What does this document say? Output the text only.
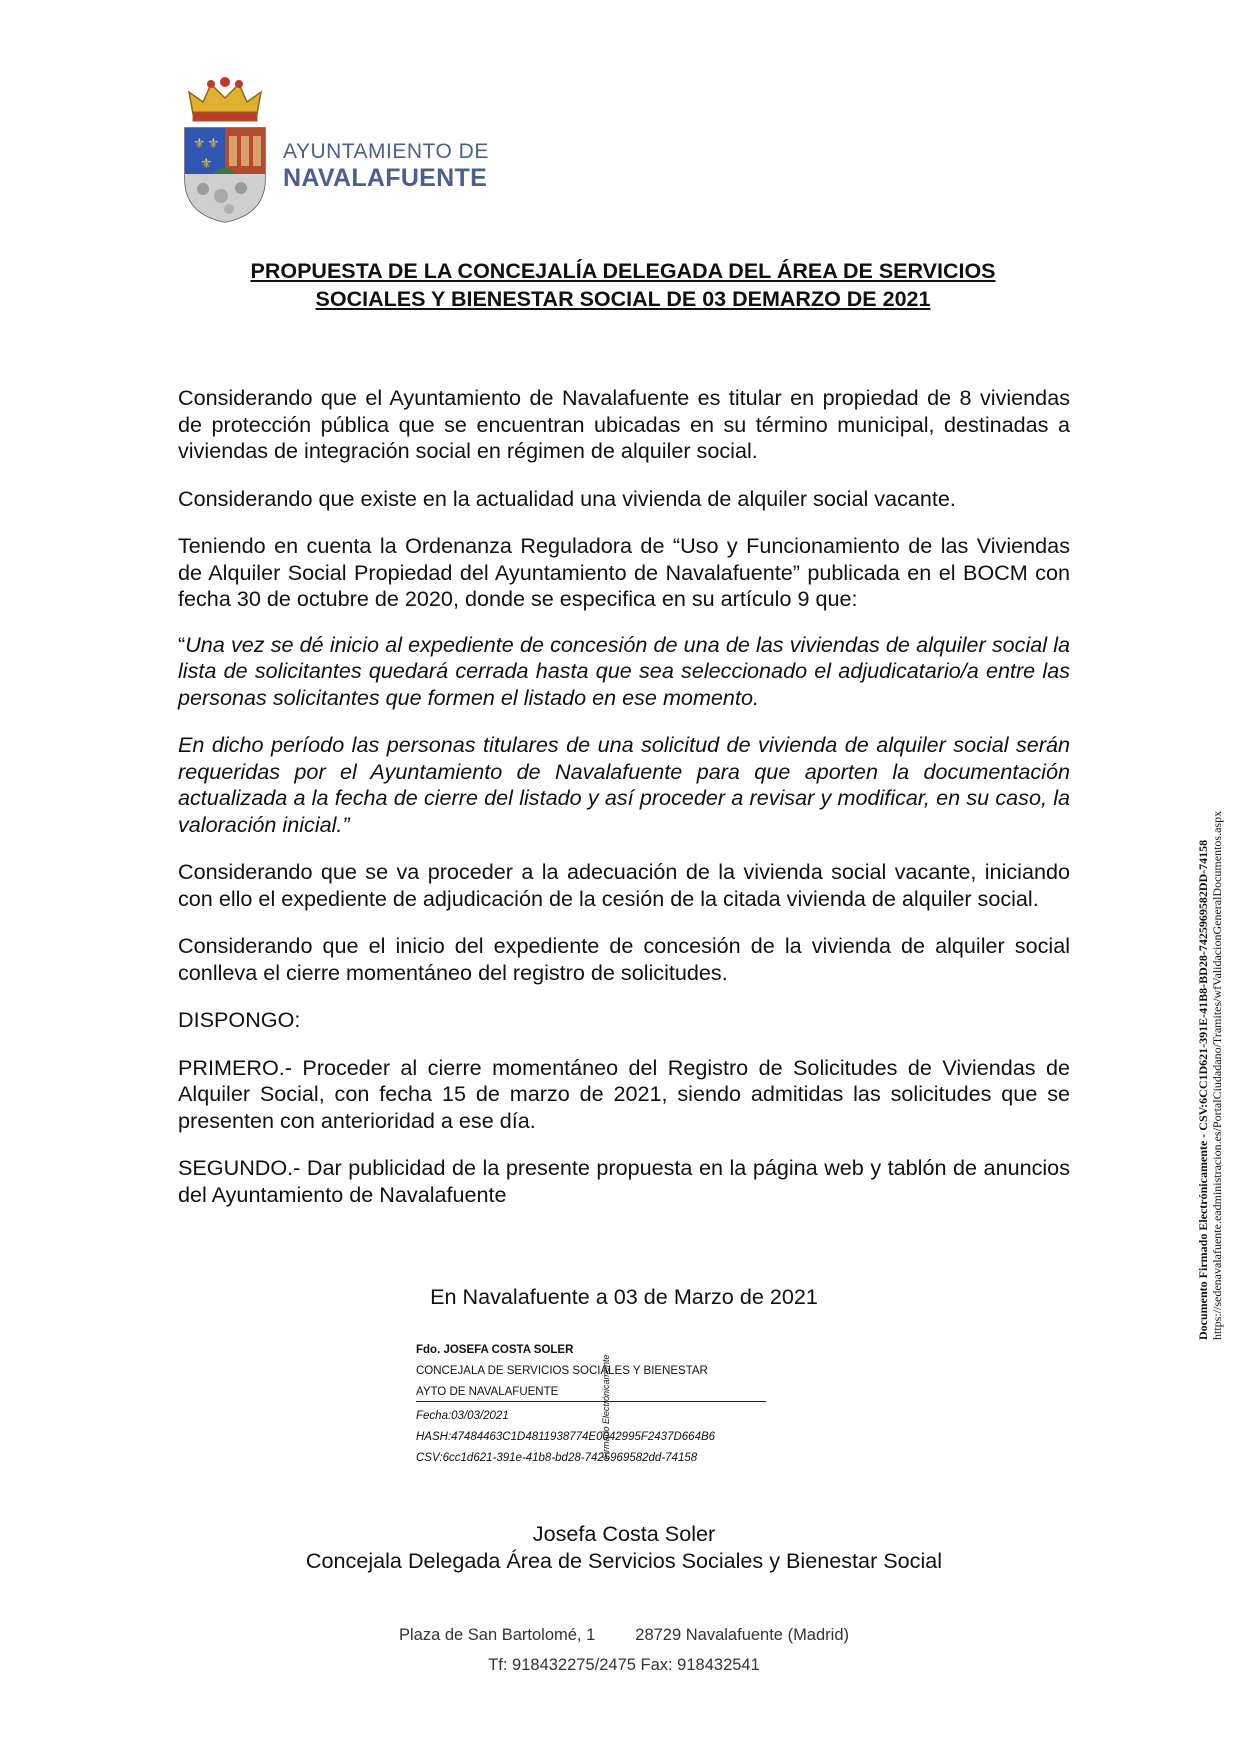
⚜ ⚜
⚜	AYUNTAMIENTO DE
NAVALAFUENTE
PROPUESTA DE LA CONCEJALÍA DELEGADA DEL ÁREA DE SERVICIOS
SOCIALES Y BIENESTAR SOCIAL DE 03 DEMARZO DE 2021

Considerando que el Ayuntamiento de Navalafuente es titular en propiedad de 8 viviendas de protección pública que se encuentran ubicadas en su término municipal, destinadas a viviendas de integración social en régimen de alquiler social.

Considerando que existe en la actualidad una vivienda de alquiler social vacante.

Teniendo en cuenta la Ordenanza Reguladora de “Uso y Funcionamiento de las Viviendas de Alquiler Social Propiedad del Ayuntamiento de Navalafuente” publicada en el BOCM con fecha 30 de octubre de 2020, donde se especifica en su artículo 9 que:

“Una vez se dé inicio al expediente de concesión de una de las viviendas de alquiler social la lista de solicitantes quedará cerrada hasta que sea seleccionado el adjudicatario/a entre las personas solicitantes que formen el listado en ese momento.

En dicho período las personas titulares de una solicitud de vivienda de alquiler social serán requeridas por el Ayuntamiento de Navalafuente para que aporten la documentación actualizada a la fecha de cierre del listado y así proceder a revisar y modificar, en su caso, la valoración inicial.”

Considerando que se va proceder a la adecuación de la vivienda social vacante, iniciando con ello el expediente de adjudicación de la cesión de la citada vivienda de alquiler social.

Considerando que el inicio del expediente de concesión de la vivienda de alquiler social conlleva el cierre momentáneo del registro de solicitudes.

DISPONGO:

PRIMERO.- Proceder al cierre momentáneo del Registro de Solicitudes de Viviendas de Alquiler Social, con fecha 15 de marzo de 2021, siendo admitidas las solicitudes que se presenten con anterioridad a ese día.

SEGUNDO.- Dar publicidad de la presente propuesta en la página web y tablón de anuncios del Ayuntamiento de Navalafuente

En Navalafuente a 03 de Marzo de 2021
Fdo. JOSEFA COSTA SOLER
CONCEJALA DE SERVICIOS SOCIALES Y BIENESTAR
AYTO DE NAVALAFUENTE
Fecha:03/03/2021
HASH:47484463C1D4811938774E0042995F2437D664B6
CSV:6cc1d621-391e-41b8-bd28-7425969582dd-74158
Firmado Electrónicamente
Josefa Costa Soler
Concejala Delegada Área de Servicios Sociales y Bienestar Social
Plaza de San Bartolomé, 1 28729 Navalafuente (Madrid)
Tf: 918432275/2475 Fax: 918432541
Documento Firmado Electrónicamente - CSV:6CC1D621-391E-41B8-BD28-7425969582DD-74158 https://sedenavalafuente.eadministracion.es/PortalCiudadano/Tramites/wfValidacionGeneralDocumentos.aspx
